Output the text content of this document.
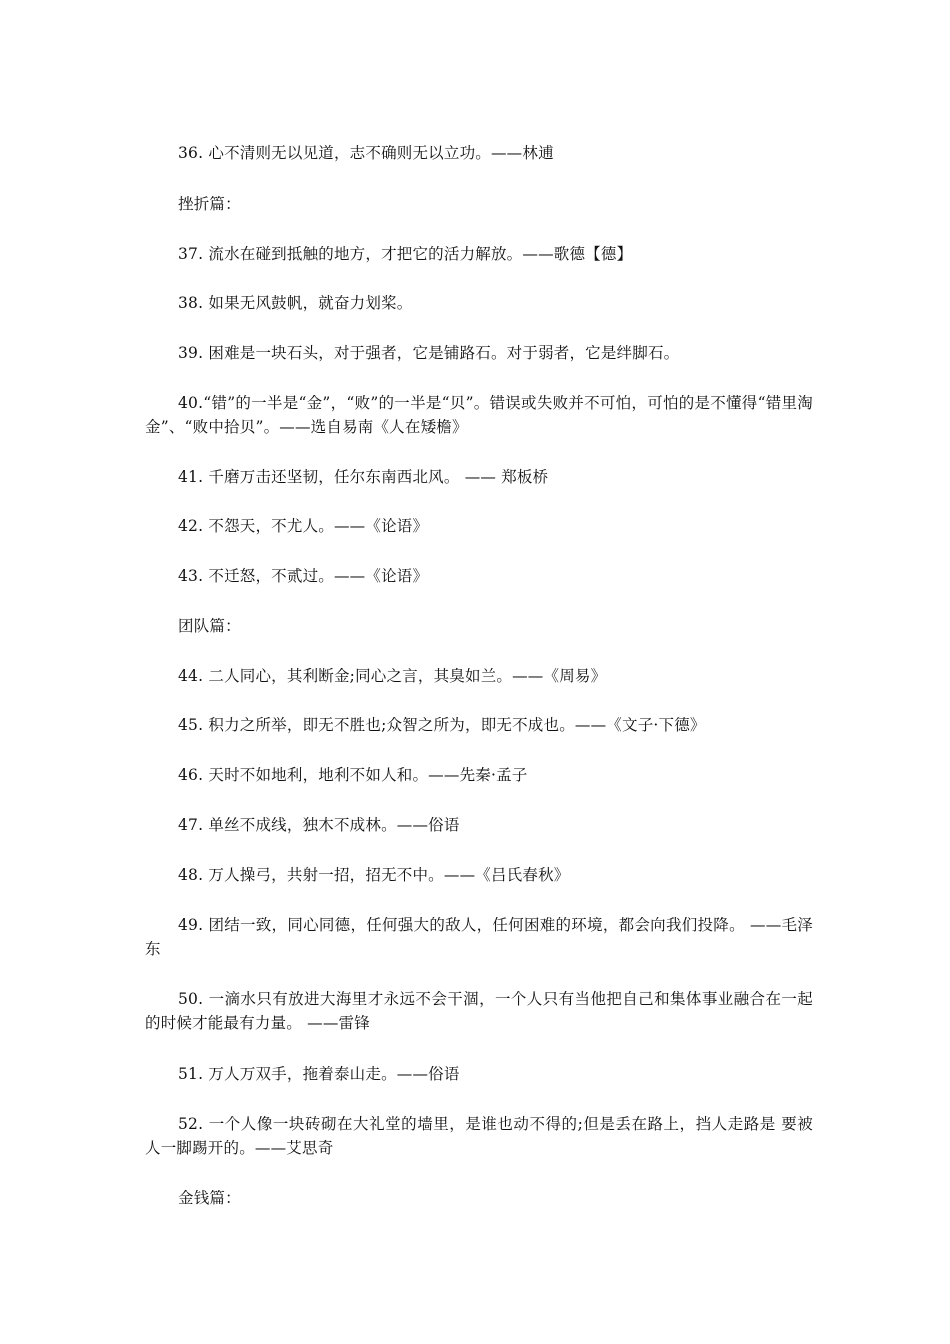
36. 心不清则无以见道，志不确则无以立功。——林逋
挫折篇：
37. 流水在碰到抵触的地方，才把它的活力解放。——歌德【德】
38. 如果无风鼓帆，就奋力划桨。
39. 困难是一块石头，对于强者，它是铺路石。对于弱者，它是绊脚石。
40.“错”的一半是“金”，“败”的一半是“贝”。错误或失败并不可怕，可怕的是不懂得“错里淘金”、“败中拾贝”。——选自易南《人在矮檐》
41. 千磨万击还坚韧，任尔东南西北风。 —— 郑板桥
42. 不怨天，不尤人。——《论语》
43. 不迁怒，不贰过。——《论语》
团队篇：
44. 二人同心，其利断金;同心之言，其臭如兰。——《周易》
45. 积力之所举，即无不胜也;众智之所为，即无不成也。——《文子·下德》
46. 天时不如地利，地利不如人和。——先秦·孟子
47. 单丝不成线，独木不成林。——俗语
48. 万人操弓，共射一招，招无不中。——《吕氏春秋》
49. 团结一致，同心同德，任何强大的敌人，任何困难的环境，都会向我们投降。 ——毛泽东
50. 一滴水只有放进大海里才永远不会干涸，一个人只有当他把自己和集体事业融合在一起的时候才能最有力量。 ——雷锋
51. 万人万双手，拖着泰山走。——俗语
52. 一个人像一块砖砌在大礼堂的墙里，是谁也动不得的;但是丢在路上，挡人走路是 要被人一脚踢开的。——艾思奇
金钱篇：
